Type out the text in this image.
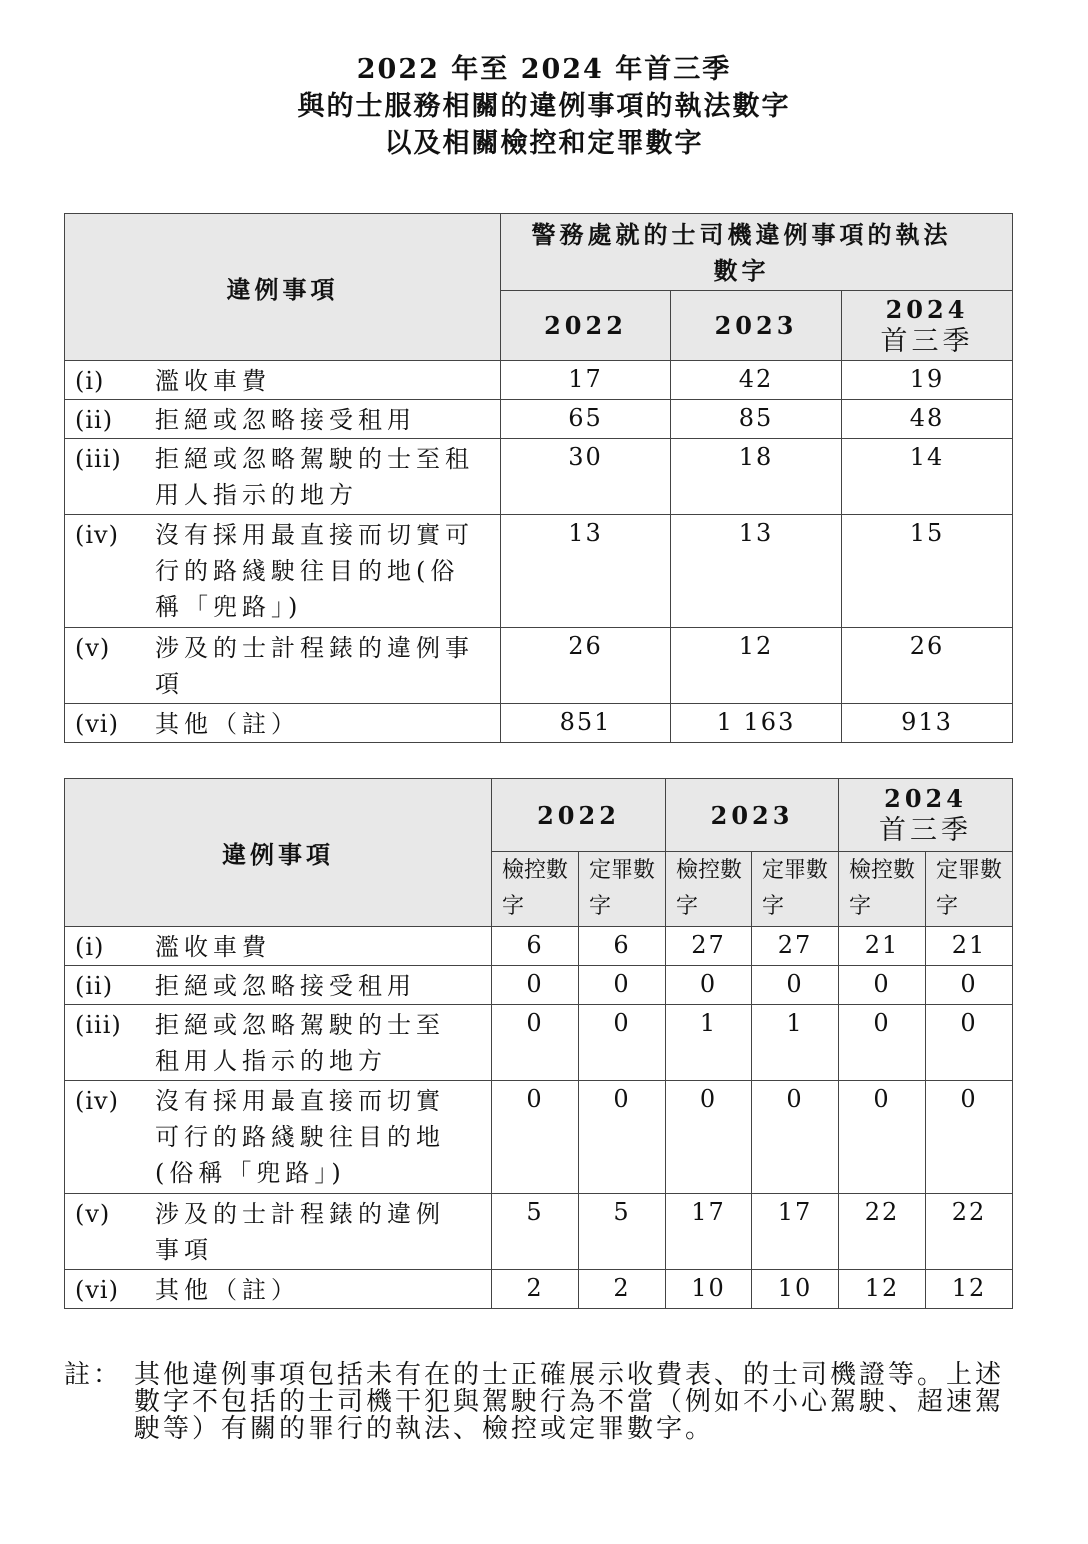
2022 年至 2024 年首三季
與的士服務相關的違例事項的執法數字
以及相關檢控和定罪數字
違例事項	警務處就的士司機違例事項的執法數字		
	2022	2023	2024
首三季

(i) 濫收車費	17	42	19
(ii) 拒絕或忽略接受租用	65	85	48
(iii) 拒絕或忽略駕駛的士至租用人指示的地方	30	18	14
(iv) 沒有採用最直接而切實可行的路綫駛往目的地(俗稱「兜路」)	13	13	15
(v) 涉及的士計程錶的違例事項	26	12	26
(vi) 其他（註）	851	1 163	913
違例事項	2022		2023		2024
首三季	

	檢控數字	定罪數字	檢控數字	定罪數字	檢控數字	定罪數字
(i) 濫收車費	6	6	27	27	21	21
(ii) 拒絕或忽略接受租用	0	0	0	0	0	0
(iii) 拒絕或忽略駕駛的士至租用人指示的地方	0	0	1	1	0	0
(iv) 沒有採用最直接而切實可行的路綫駛往目的地 (俗稱「兜路」)	0	0	0	0	0	0
(v) 涉及的士計程錶的違例事項	5	5	17	17	22	22
(vi) 其他（註）	2	2	10	10	12	12
註： 其他違例事項包括未有在的士正確展示收費表、的士司機證等。上述數字不包括的士司機干犯與駕駛行為不當（例如不小心駕駛、超速駕駛等）有關的罪行的執法、檢控或定罪數字。
